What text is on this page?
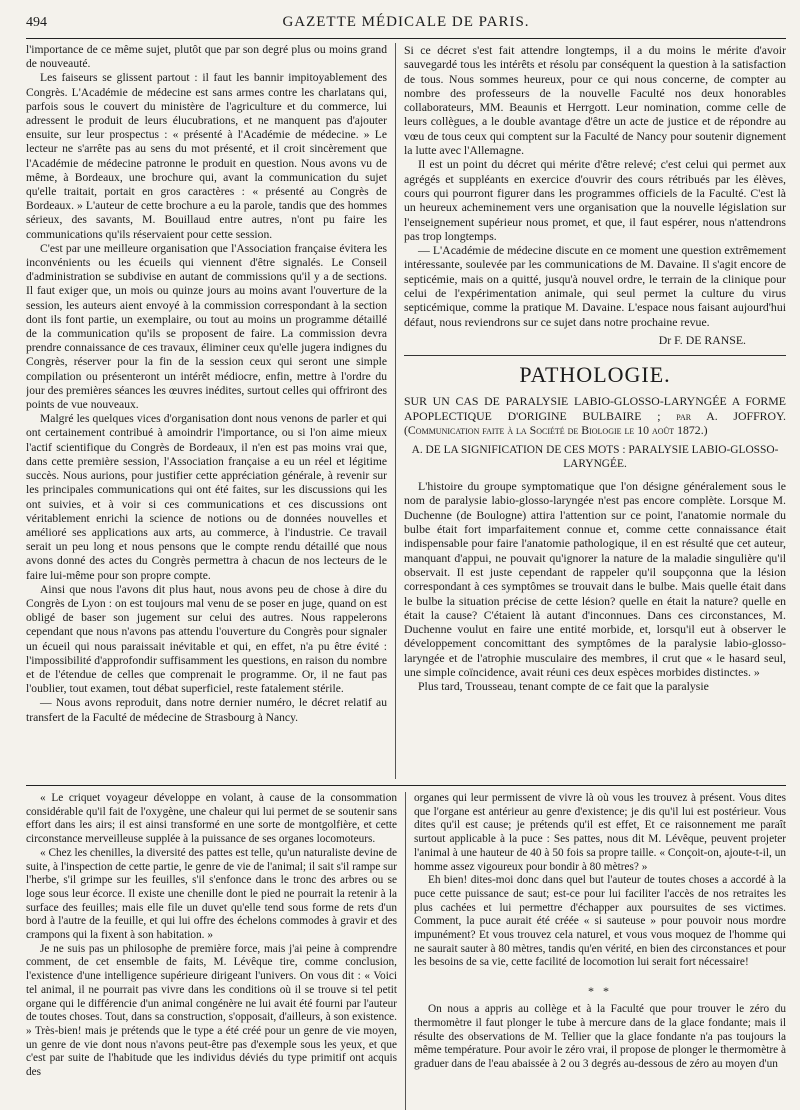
494	GAZETTE MÉDICALE DE PARIS.

l'importance de ce même sujet, plutôt que par son degré plus ou moins grand de nouveauté.

Les faiseurs se glissent partout : il faut les bannir impitoyablement des Congrès. L'Académie de médecine est sans armes contre les charlatans qui, parfois sous le couvert du ministère de l'agriculture et du commerce, lui adressent le produit de leurs élucubrations, et ne manquent pas d'ajouter ensuite, sur leur prospectus : « présenté à l'Académie de médecine. » Le lecteur ne s'arrête pas au sens du mot présenté, et il croit sincèrement que l'Académie de médecine patronne le produit en question. Nous avons vu de même, à Bordeaux, une brochure qui, avant la communication du sujet qu'elle traitait, portait en gros caractères : « présenté au Congrès de Bordeaux. » L'auteur de cette brochure a eu la parole, tandis que des hommes sérieux, des savants, M. Bouillaud entre autres, n'ont pu faire les communications qu'ils réservaient pour cette session.

C'est par une meilleure organisation que l'Association française évitera les inconvénients ou les écueils qui viennent d'être signalés. Le Conseil d'administration se subdivise en autant de commissions qu'il y a de sections. Il faut exiger que, un mois ou quinze jours au moins avant l'ouverture de la session, les auteurs aient envoyé à la commission correspondant à la section dont ils font partie, un exemplaire, ou tout au moins un programme détaillé de la communication qu'ils se proposent de faire. La commission devra prendre connaissance de ces travaux, éliminer ceux qu'elle jugera indignes du Congrès, réserver pour la fin de la session ceux qui seront une simple compilation ou présenteront un intérêt médiocre, enfin, mettre à l'ordre du jour des premières séances les œuvres inédites, surtout celles qui offriront des points de vue nouveaux.

Malgré les quelques vices d'organisation dont nous venons de parler et qui ont certainement contribué à amoindrir l'importance, ou si l'on aime mieux l'actif scientifique du Congrès de Bordeaux, il n'en est pas moins vrai que, dans cette première session, l'Association française a eu un réel et légitime succès. Nous aurions, pour justifier cette appréciation générale, à revenir sur les principales communications qui ont été faites, sur les discussions qui les ont suivies, et à voir si ces communications et ces discussions ont véritablement enrichi la science de notions ou de données nouvelles et amélioré ses applications aux arts, au commerce, à l'industrie. Ce travail serait un peu long et nous pensons que le compte rendu détaillé que nous avons donné des actes du Congrès permettra à chacun de nos lecteurs de le faire lui-même pour son propre compte.

Ainsi que nous l'avons dit plus haut, nous avons peu de chose à dire du Congrès de Lyon : on est toujours mal venu de se poser en juge, quand on est obligé de baser son jugement sur celui des autres. Nous rappelerons cependant que nous n'avons pas attendu l'ouverture du Congrès pour signaler un écueil qui nous paraissait inévitable et qui, en effet, n'a pu être évité : l'impossibilité d'approfondir suffisamment les questions, en raison du nombre et de l'étendue de celles que comprenait le programme. Or, il ne faut pas l'oublier, tout examen, tout débat superficiel, reste fatalement stérile.

— Nous avons reproduit, dans notre dernier numéro, le décret relatif au transfert de la Faculté de médecine de Strasbourg à Nancy.

Si ce décret s'est fait attendre longtemps, il a du moins le mérite d'avoir sauvegardé tous les intérêts et résolu par conséquent la question à la satisfaction de tous. Nous sommes heureux, pour ce qui nous concerne, de compter au nombre des professeurs de la nouvelle Faculté nos deux honorables collaborateurs, MM. Beaunis et Herrgott. Leur nomination, comme celle de leurs collègues, a le double avantage d'être un acte de justice et de répondre au vœu de tous ceux qui comptent sur la Faculté de Nancy pour soutenir dignement la lutte avec l'Allemagne.

Il est un point du décret qui mérite d'être relevé; c'est celui qui permet aux agrégés et suppléants en exercice d'ouvrir des cours rétribués par les élèves, cours qui pourront figurer dans les programmes officiels de la Faculté. C'est là un heureux acheminement vers une organisation que la nouvelle législation sur l'enseignement supérieur nous promet, et que, il faut espérer, nous n'attendrons pas trop longtemps.

— L'Académie de médecine discute en ce moment une question extrêmement intéressante, soulevée par les communications de M. Davaine. Il s'agit encore de septicémie, mais on a quitté, jusqu'à nouvel ordre, le terrain de la clinique pour celui de l'expérimentation animale, qui seul permet la culture du virus septicémique, comme la pratique M. Davaine. L'espace nous faisant aujourd'hui défaut, nous reviendrons sur ce sujet dans notre prochaine revue.

Dr F. DE RANSE.
PATHOLOGIE.

SUR UN CAS DE PARALYSIE LABIO-GLOSSO-LARYNGÉE A FORME APOPLECTIQUE D'ORIGINE BULBAIRE ; par A. JOFFROY. (Communication faite à la Société de Biologie le 10 août 1872.)

A. DE LA SIGNIFICATION DE CES MOTS : PARALYSIE LABIO-GLOSSO-LARYNGÉE.

L'histoire du groupe symptomatique que l'on désigne généralement sous le nom de paralysie labio-glosso-laryngée n'est pas encore complète. Lorsque M. Duchenne (de Boulogne) attira l'attention sur ce point, l'anatomie normale du bulbe était fort imparfaitement connue et, comme cette connaissance était indispensable pour faire l'anatomie pathologique, il en est résulté que cet auteur, manquant d'appui, ne pouvait qu'ignorer la nature de la maladie singulière qu'il observait. Il est juste cependant de rappeler qu'il soupçonna que la lésion correspondant à ces symptômes se trouvait dans le bulbe. Mais quelle était dans le bulbe la situation précise de cette lésion? quelle en était la nature? quelle en était la cause? C'étaient là autant d'inconnues. Dans ces circonstances, M. Duchenne voulut en faire une entité morbide, et, lorsqu'il eut à observer le développement concomittant des symptômes de la paralysie labio-glosso-laryngée et de l'atrophie musculaire des membres, il crut que « le hasard seul, une simple coïncidence, avait réuni ces deux espèces morbides distinctes. »

Plus tard, Trousseau, tenant compte de ce fait que la paralysie

« Le criquet voyageur développe en volant, à cause de la consommation considérable qu'il fait de l'oxygène, une chaleur qui lui permet de se soutenir sans effort dans les airs; il est ainsi transformé en une sorte de montgolfière, et cette circonstance merveilleuse supplée à la puissance de ses organes locomoteurs.

« Chez les chenilles, la diversité des pattes est telle, qu'un naturaliste devine de suite, à l'inspection de cette partie, le genre de vie de l'animal; il sait s'il rampe sur l'herbe, s'il grimpe sur les feuilles, s'il s'enfonce dans le tronc des arbres ou se loge sous leur écorce. Il existe une chenille dont le pied ne pourrait la retenir à la surface des feuilles; mais elle file un duvet qu'elle tend sous forme de rets d'un bord à l'autre de la feuille, et qui lui offre des échelons commodes à gravir et des crampons qui la fixent à son habitation. »

Je ne suis pas un philosophe de première force, mais j'ai peine à comprendre comment, de cet ensemble de faits, M. Lévêque tire, comme conclusion, l'existence d'une intelligence supérieure dirigeant l'univers. On vous dit : « Voici tel animal, il ne pourrait pas vivre dans les conditions où il se trouve si tel petit organe qui le différencie d'un animal congénère ne lui avait été fourni par l'auteur de toutes choses. Tout, dans sa construction, s'opposait, d'ailleurs, à son existence. » Très-bien! mais je prétends que le type a été créé pour un genre de vie moyen, un genre de vie dont nous n'avons peut-être pas d'exemple sous les yeux, et que c'est par suite de l'habitude que les individus déviés du type primitif ont acquis des

organes qui leur permissent de vivre là où vous les trouvez à présent. Vous dites que l'organe est antérieur au genre d'existence; je dis qu'il lui est postérieur. Vous dites qu'il est cause; je prétends qu'il est effet, Et ce raisonnement me paraît surtout applicable à la puce : Ses pattes, nous dit M. Lévêque, peuvent projeter l'animal à une hauteur de 40 à 50 fois sa propre taille. « Conçoit-on, ajoute-t-il, un homme assez vigoureux pour bondir à 80 mètres? »

Eh bien! dites-moi donc dans quel but l'auteur de toutes choses a accordé à la puce cette puissance de saut; est-ce pour lui faciliter l'accès de nos retraites les plus cachées et lui permettre d'échapper aux poursuites de ses victimes. Comment, la puce aurait été créée « si sauteuse » pour pouvoir nous mordre impunément? Et vous trouvez cela naturel, et vous vous moquez de l'homme qui ne saurait sauter à 80 mètres, tandis qu'en vérité, en bien des circonstances et pour les besoins de sa vie, cette facilité de locomotion lui serait fort nécessaire!

* *

On nous a appris au collège et à la Faculté que pour trouver le zéro du thermomètre il faut plonger le tube à mercure dans de la glace fondante; mais il résulte des observations de M. Tellier que la glace fondante n'a pas toujours la même température. Pour avoir le zéro vrai, il propose de plonger le thermomètre à graduer dans de l'eau abaissée à 2 ou 3 degrés au-dessous de zéro au moyen d'un
